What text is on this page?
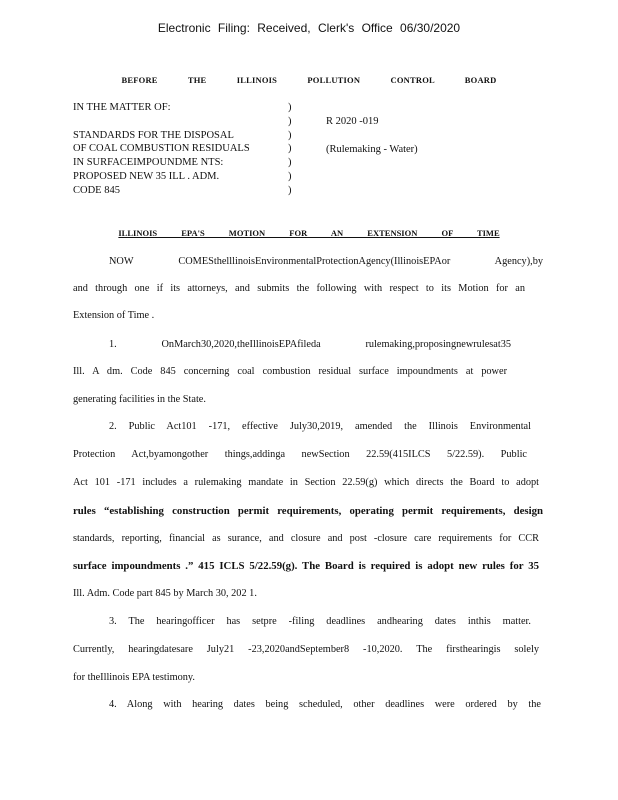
Electronic Filing: Received, Clerk's Office 06/30/2020
BEFORE THE ILLINOIS POLLUTION CONTROL BOARD
IN THE MATTER OF:
STANDARDS FOR THE DISPOSAL
OF COAL COMBUSTION RESIDUALS
IN SURFACEIMPOUNDME NTS:
PROPOSED NEW 35 ILL . ADM.
CODE 845
)
)
)
)
)
)
)
R 2020 -019
(Rulemaking - Water)
ILLINOIS EPA'S MOTION FOR AN EXTENSION OF TIME
NOW COMESthelllinoisEnvironmentalProtectionAgency(IllinoisEPAor Agency),by
and through one if its attorneys, and submits the following with respect to its Motion for an
Extension of Time .
1. OnMarch30,2020,theIllinoisEPAfileda rulemaking,proposingnewrulesat35
Ill. A dm. Code 845 concerning coal combustion residual surface impoundments at power
generating facilities in the State.
2. Public Act101 -171, effective July30,2019, amended the Illinois Environmental
Protection Act,byamongother things,addinga newSection 22.59(415ILCS 5/22.59). Public
Act 101 -171 includes a rulemaking mandate in Section 22.59(g) which directs the Board to adopt
rules “establishing construction permit requirements, operating permit requirements, design
standards, reporting, financial as surance, and closure and post -closure care requirements for CCR
surface impoundments .” 415 ICLS 5/22.59(g). The Board is required is adopt new rules for 35
Ill. Adm. Code part 845 by March 30, 202 1.
3. The hearingofficer has setpre -filing deadlines andhearing dates inthis matter.
Currently, hearingdatesare July21 -23,2020andSeptember8 -10,2020. The firsthearingis solely
for theIllinois EPA testimony.
4. Along with hearing dates being scheduled, other deadlines were ordered by the
